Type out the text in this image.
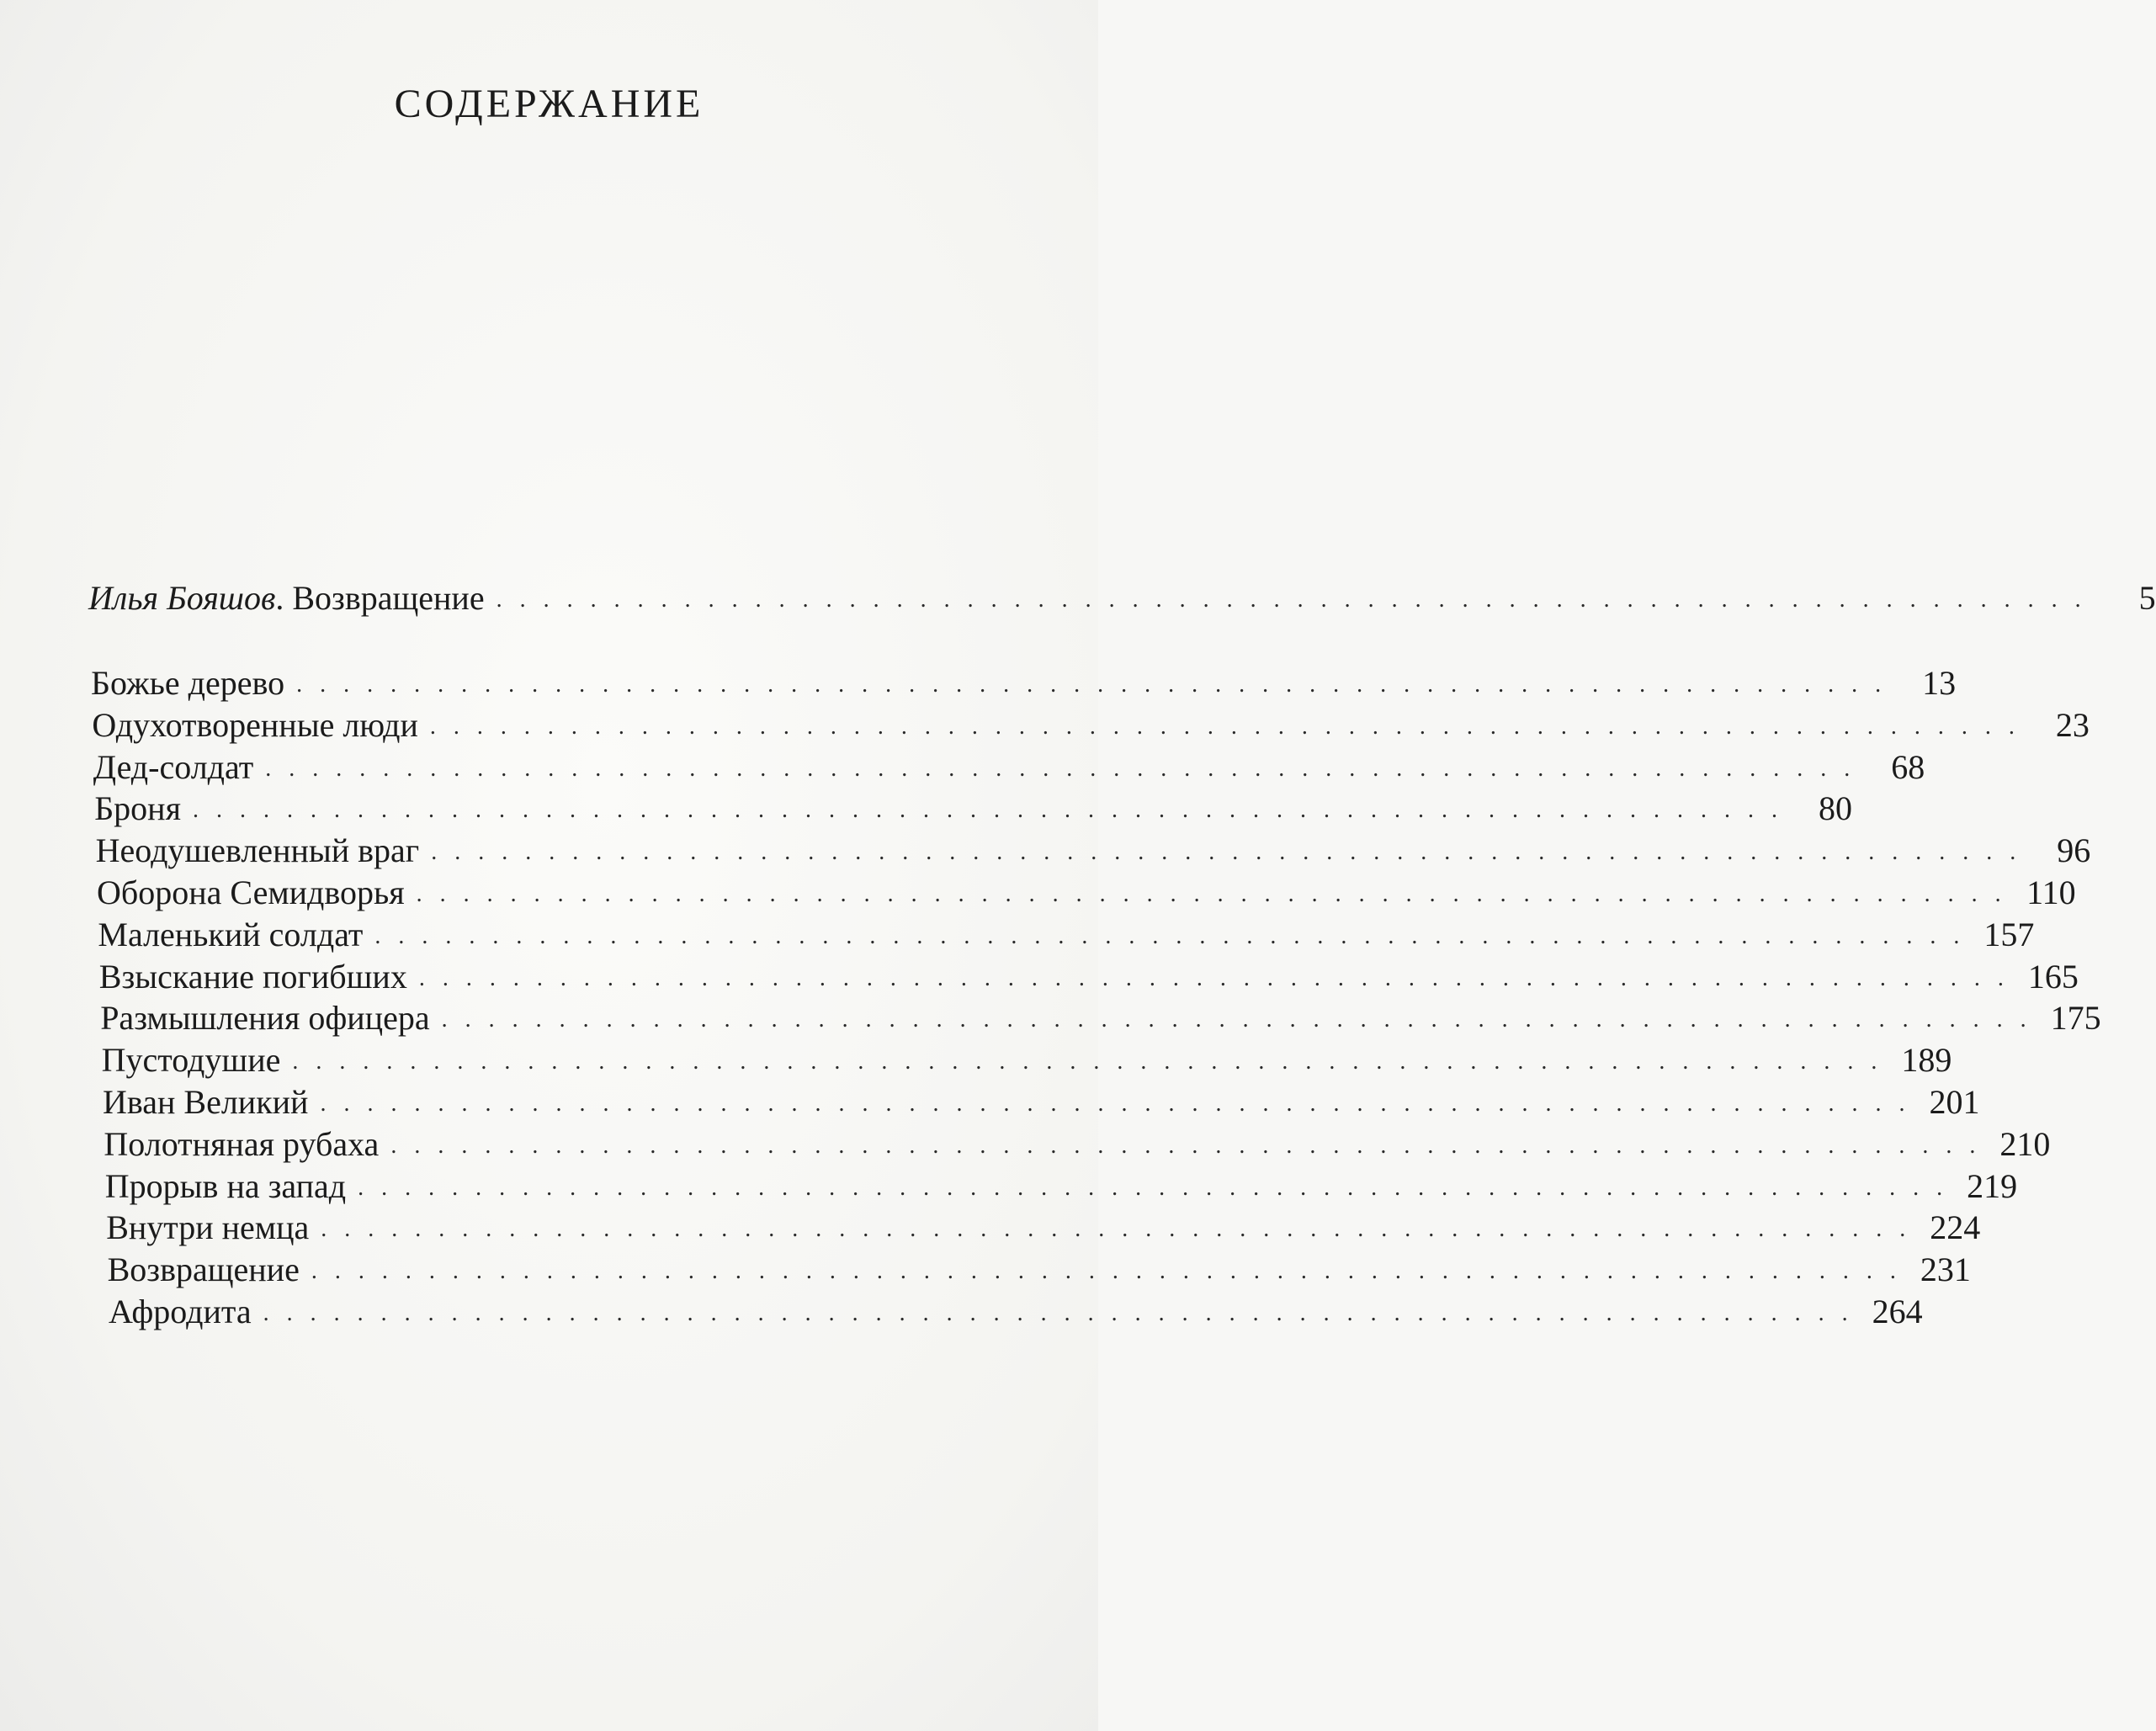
СОДЕРЖАНИЕ
Илья Бояшов. Возвращение . . . . . . . . . . . . . . . . . . . . . . . . . . . . . . . . . . . . . . . . . . . . . . . . . . . . . . . . . . . . . . . . . . . .	5
Божье дерево . . . . . . . . . . . . . . . . . . . . . . . . . . . . . . . . . . . . . . . . . . . . . . . . . . . . . . . . . . . . . . . . . . . .	13
Одухотворенные люди . . . . . . . . . . . . . . . . . . . . . . . . . . . . . . . . . . . . . . . . . . . . . . . . . . . . . . . . . . . . . . . . . . . .	23
Дед-солдат . . . . . . . . . . . . . . . . . . . . . . . . . . . . . . . . . . . . . . . . . . . . . . . . . . . . . . . . . . . . . . . . . . . .	68
Броня . . . . . . . . . . . . . . . . . . . . . . . . . . . . . . . . . . . . . . . . . . . . . . . . . . . . . . . . . . . . . . . . . . . .	80
Неодушевленный враг . . . . . . . . . . . . . . . . . . . . . . . . . . . . . . . . . . . . . . . . . . . . . . . . . . . . . . . . . . . . . . . . . . . .	96
Оборона Семидворья . . . . . . . . . . . . . . . . . . . . . . . . . . . . . . . . . . . . . . . . . . . . . . . . . . . . . . . . . . . . . . . . . . . . 110
Маленький солдат . . . . . . . . . . . . . . . . . . . . . . . . . . . . . . . . . . . . . . . . . . . . . . . . . . . . . . . . . . . . . . . . . . . . 157
Взыскание погибших . . . . . . . . . . . . . . . . . . . . . . . . . . . . . . . . . . . . . . . . . . . . . . . . . . . . . . . . . . . . . . . . . . . . 165
Размышления офицера . . . . . . . . . . . . . . . . . . . . . . . . . . . . . . . . . . . . . . . . . . . . . . . . . . . . . . . . . . . . . . . . . . . . 175
Пустодушие . . . . . . . . . . . . . . . . . . . . . . . . . . . . . . . . . . . . . . . . . . . . . . . . . . . . . . . . . . . . . . . . . . . . 189
Иван Великий . . . . . . . . . . . . . . . . . . . . . . . . . . . . . . . . . . . . . . . . . . . . . . . . . . . . . . . . . . . . . . . . . . . . 201
Полотняная рубаха . . . . . . . . . . . . . . . . . . . . . . . . . . . . . . . . . . . . . . . . . . . . . . . . . . . . . . . . . . . . . . . . . . . . 210
Прорыв на запад . . . . . . . . . . . . . . . . . . . . . . . . . . . . . . . . . . . . . . . . . . . . . . . . . . . . . . . . . . . . . . . . . . . . 219
Внутри немца . . . . . . . . . . . . . . . . . . . . . . . . . . . . . . . . . . . . . . . . . . . . . . . . . . . . . . . . . . . . . . . . . . . . 224
Возвращение . . . . . . . . . . . . . . . . . . . . . . . . . . . . . . . . . . . . . . . . . . . . . . . . . . . . . . . . . . . . . . . . . . . . 231
Афродита . . . . . . . . . . . . . . . . . . . . . . . . . . . . . . . . . . . . . . . . . . . . . . . . . . . . . . . . . . . . . . . . . . . . 264
